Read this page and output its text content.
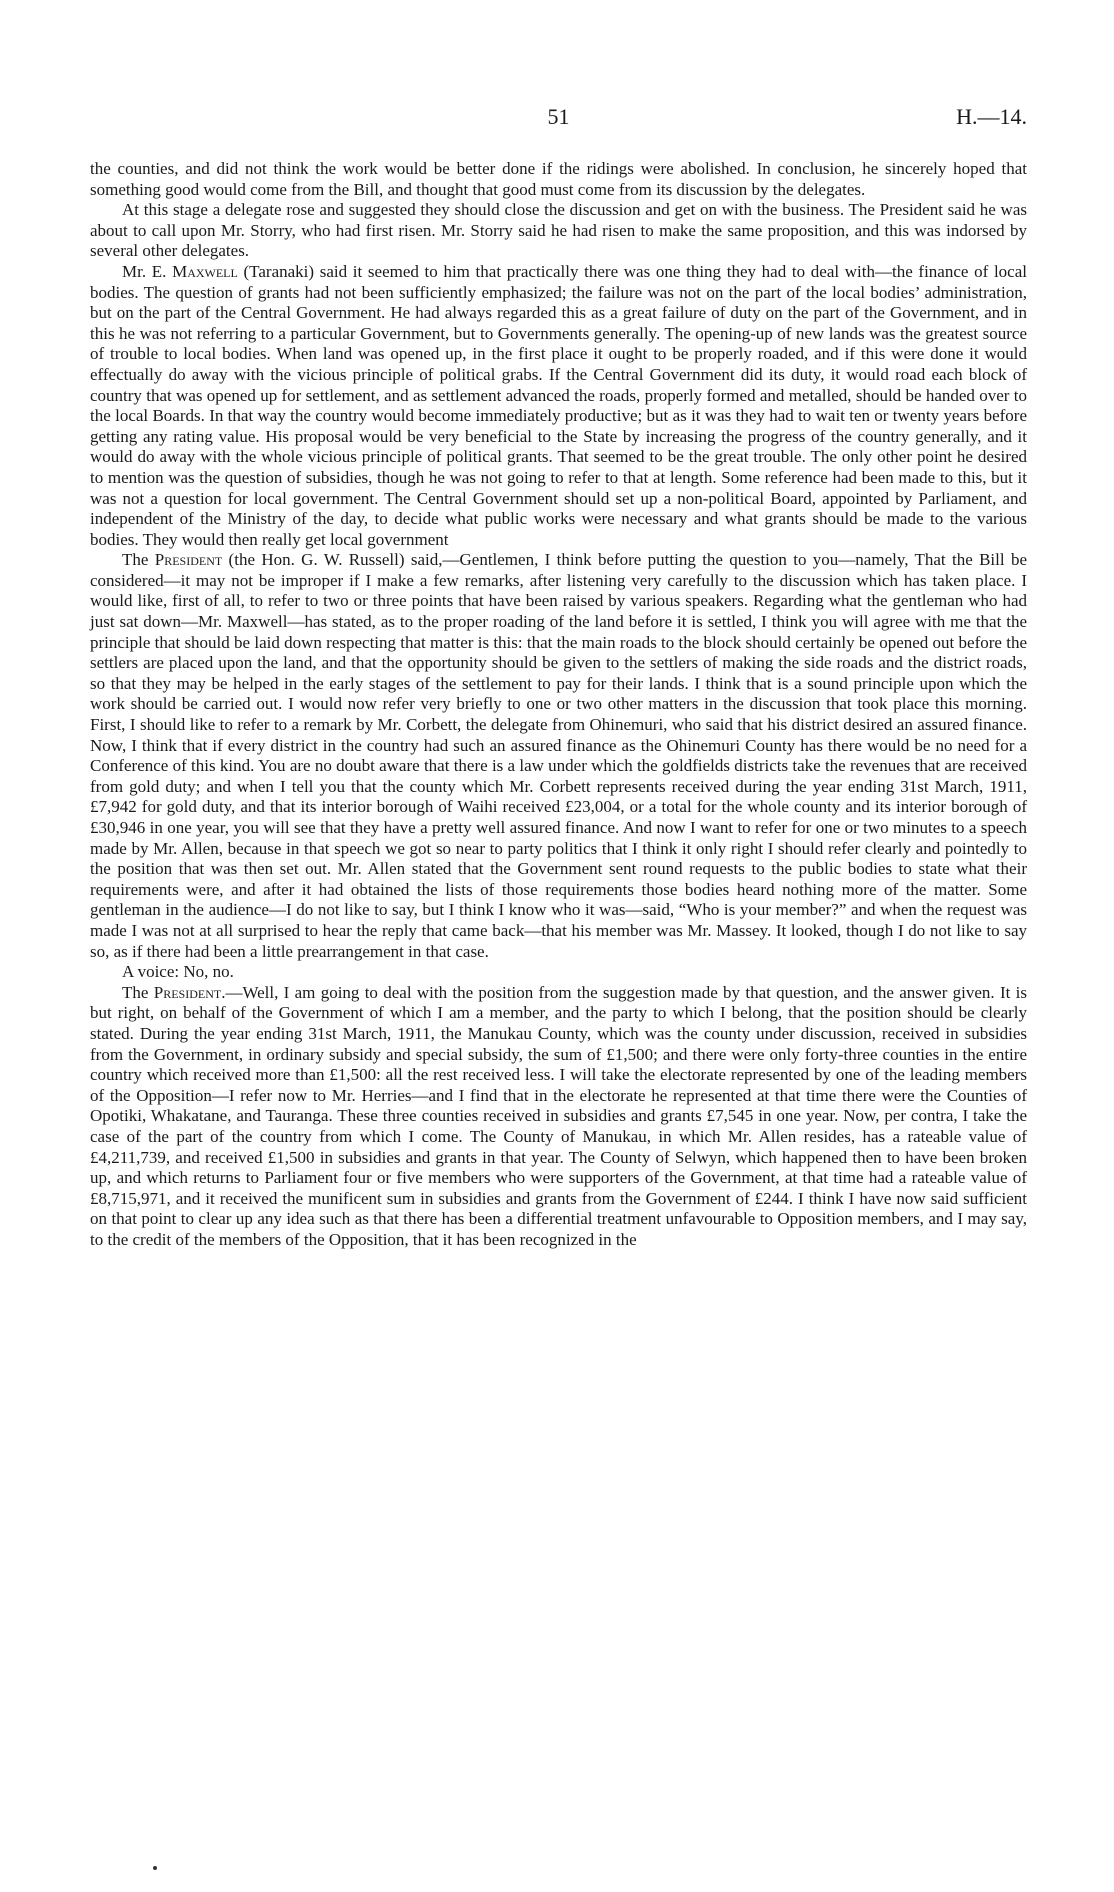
51	H.—14.

the counties, and did not think the work would be better done if the ridings were abolished. In conclusion, he sincerely hoped that something good would come from the Bill, and thought that good must come from its discussion by the delegates.

At this stage a delegate rose and suggested they should close the discussion and get on with the business. The President said he was about to call upon Mr. Storry, who had first risen. Mr. Storry said he had risen to make the same proposition, and this was indorsed by several other delegates.

Mr. E. Maxwell (Taranaki) said it seemed to him that practically there was one thing they had to deal with—the finance of local bodies. The question of grants had not been sufficiently emphasized; the failure was not on the part of the local bodies’ administration, but on the part of the Central Government. He had always regarded this as a great failure of duty on the part of the Government, and in this he was not referring to a particular Government, but to Governments generally. The opening-up of new lands was the greatest source of trouble to local bodies. When land was opened up, in the first place it ought to be properly roaded, and if this were done it would effectually do away with the vicious principle of political grabs. If the Central Government did its duty, it would road each block of country that was opened up for settlement, and as settlement advanced the roads, properly formed and metalled, should be handed over to the local Boards. In that way the country would become immediately productive; but as it was they had to wait ten or twenty years before getting any rating value. His proposal would be very beneficial to the State by increasing the progress of the country generally, and it would do away with the whole vicious principle of political grants. That seemed to be the great trouble. The only other point he desired to mention was the question of subsidies, though he was not going to refer to that at length. Some reference had been made to this, but it was not a question for local government. The Central Government should set up a non-political Board, appointed by Parliament, and independent of the Ministry of the day, to decide what public works were necessary and what grants should be made to the various bodies. They would then really get local government

The President (the Hon. G. W. Russell) said,—Gentlemen, I think before putting the question to you—namely, That the Bill be considered—it may not be improper if I make a few remarks, after listening very carefully to the discussion which has taken place. I would like, first of all, to refer to two or three points that have been raised by various speakers. Regarding what the gentleman who had just sat down—Mr. Maxwell—has stated, as to the proper roading of the land before it is settled, I think you will agree with me that the principle that should be laid down respecting that matter is this: that the main roads to the block should certainly be opened out before the settlers are placed upon the land, and that the opportunity should be given to the settlers of making the side roads and the district roads, so that they may be helped in the early stages of the settlement to pay for their lands. I think that is a sound principle upon which the work should be carried out. I would now refer very briefly to one or two other matters in the discussion that took place this morning. First, I should like to refer to a remark by Mr. Corbett, the delegate from Ohinemuri, who said that his district desired an assured finance. Now, I think that if every district in the country had such an assured finance as the Ohinemuri County has there would be no need for a Conference of this kind. You are no doubt aware that there is a law under which the goldfields districts take the revenues that are received from gold duty; and when I tell you that the county which Mr. Corbett represents received during the year ending 31st March, 1911, £7,942 for gold duty, and that its interior borough of Waihi received £23,004, or a total for the whole county and its interior borough of £30,946 in one year, you will see that they have a pretty well assured finance. And now I want to refer for one or two minutes to a speech made by Mr. Allen, because in that speech we got so near to party politics that I think it only right I should refer clearly and pointedly to the position that was then set out. Mr. Allen stated that the Government sent round requests to the public bodies to state what their requirements were, and after it had obtained the lists of those requirements those bodies heard nothing more of the matter. Some gentleman in the audience—I do not like to say, but I think I know who it was—said, “Who is your member?” and when the request was made I was not at all surprised to hear the reply that came back—that his member was Mr. Massey. It looked, though I do not like to say so, as if there had been a little prearrangement in that case.

A voice: No, no.

The President.—Well, I am going to deal with the position from the suggestion made by that question, and the answer given. It is but right, on behalf of the Government of which I am a member, and the party to which I belong, that the position should be clearly stated. During the year ending 31st March, 1911, the Manukau County, which was the county under discussion, received in subsidies from the Government, in ordinary subsidy and special subsidy, the sum of £1,500; and there were only forty-three counties in the entire country which received more than £1,500: all the rest received less. I will take the electorate represented by one of the leading members of the Opposition—I refer now to Mr. Herries—and I find that in the electorate he represented at that time there were the Counties of Opotiki, Whakatane, and Tauranga. These three counties received in subsidies and grants £7,545 in one year. Now, per contra, I take the case of the part of the country from which I come. The County of Manukau, in which Mr. Allen resides, has a rateable value of £4,211,739, and received £1,500 in subsidies and grants in that year. The County of Selwyn, which happened then to have been broken up, and which returns to Parliament four or five members who were supporters of the Government, at that time had a rateable value of £8,715,971, and it received the munificent sum in subsidies and grants from the Government of £244. I think I have now said sufficient on that point to clear up any idea such as that there has been a differential treatment unfavourable to Opposition members, and I may say, to the credit of the members of the Opposition, that it has been recognized in the
